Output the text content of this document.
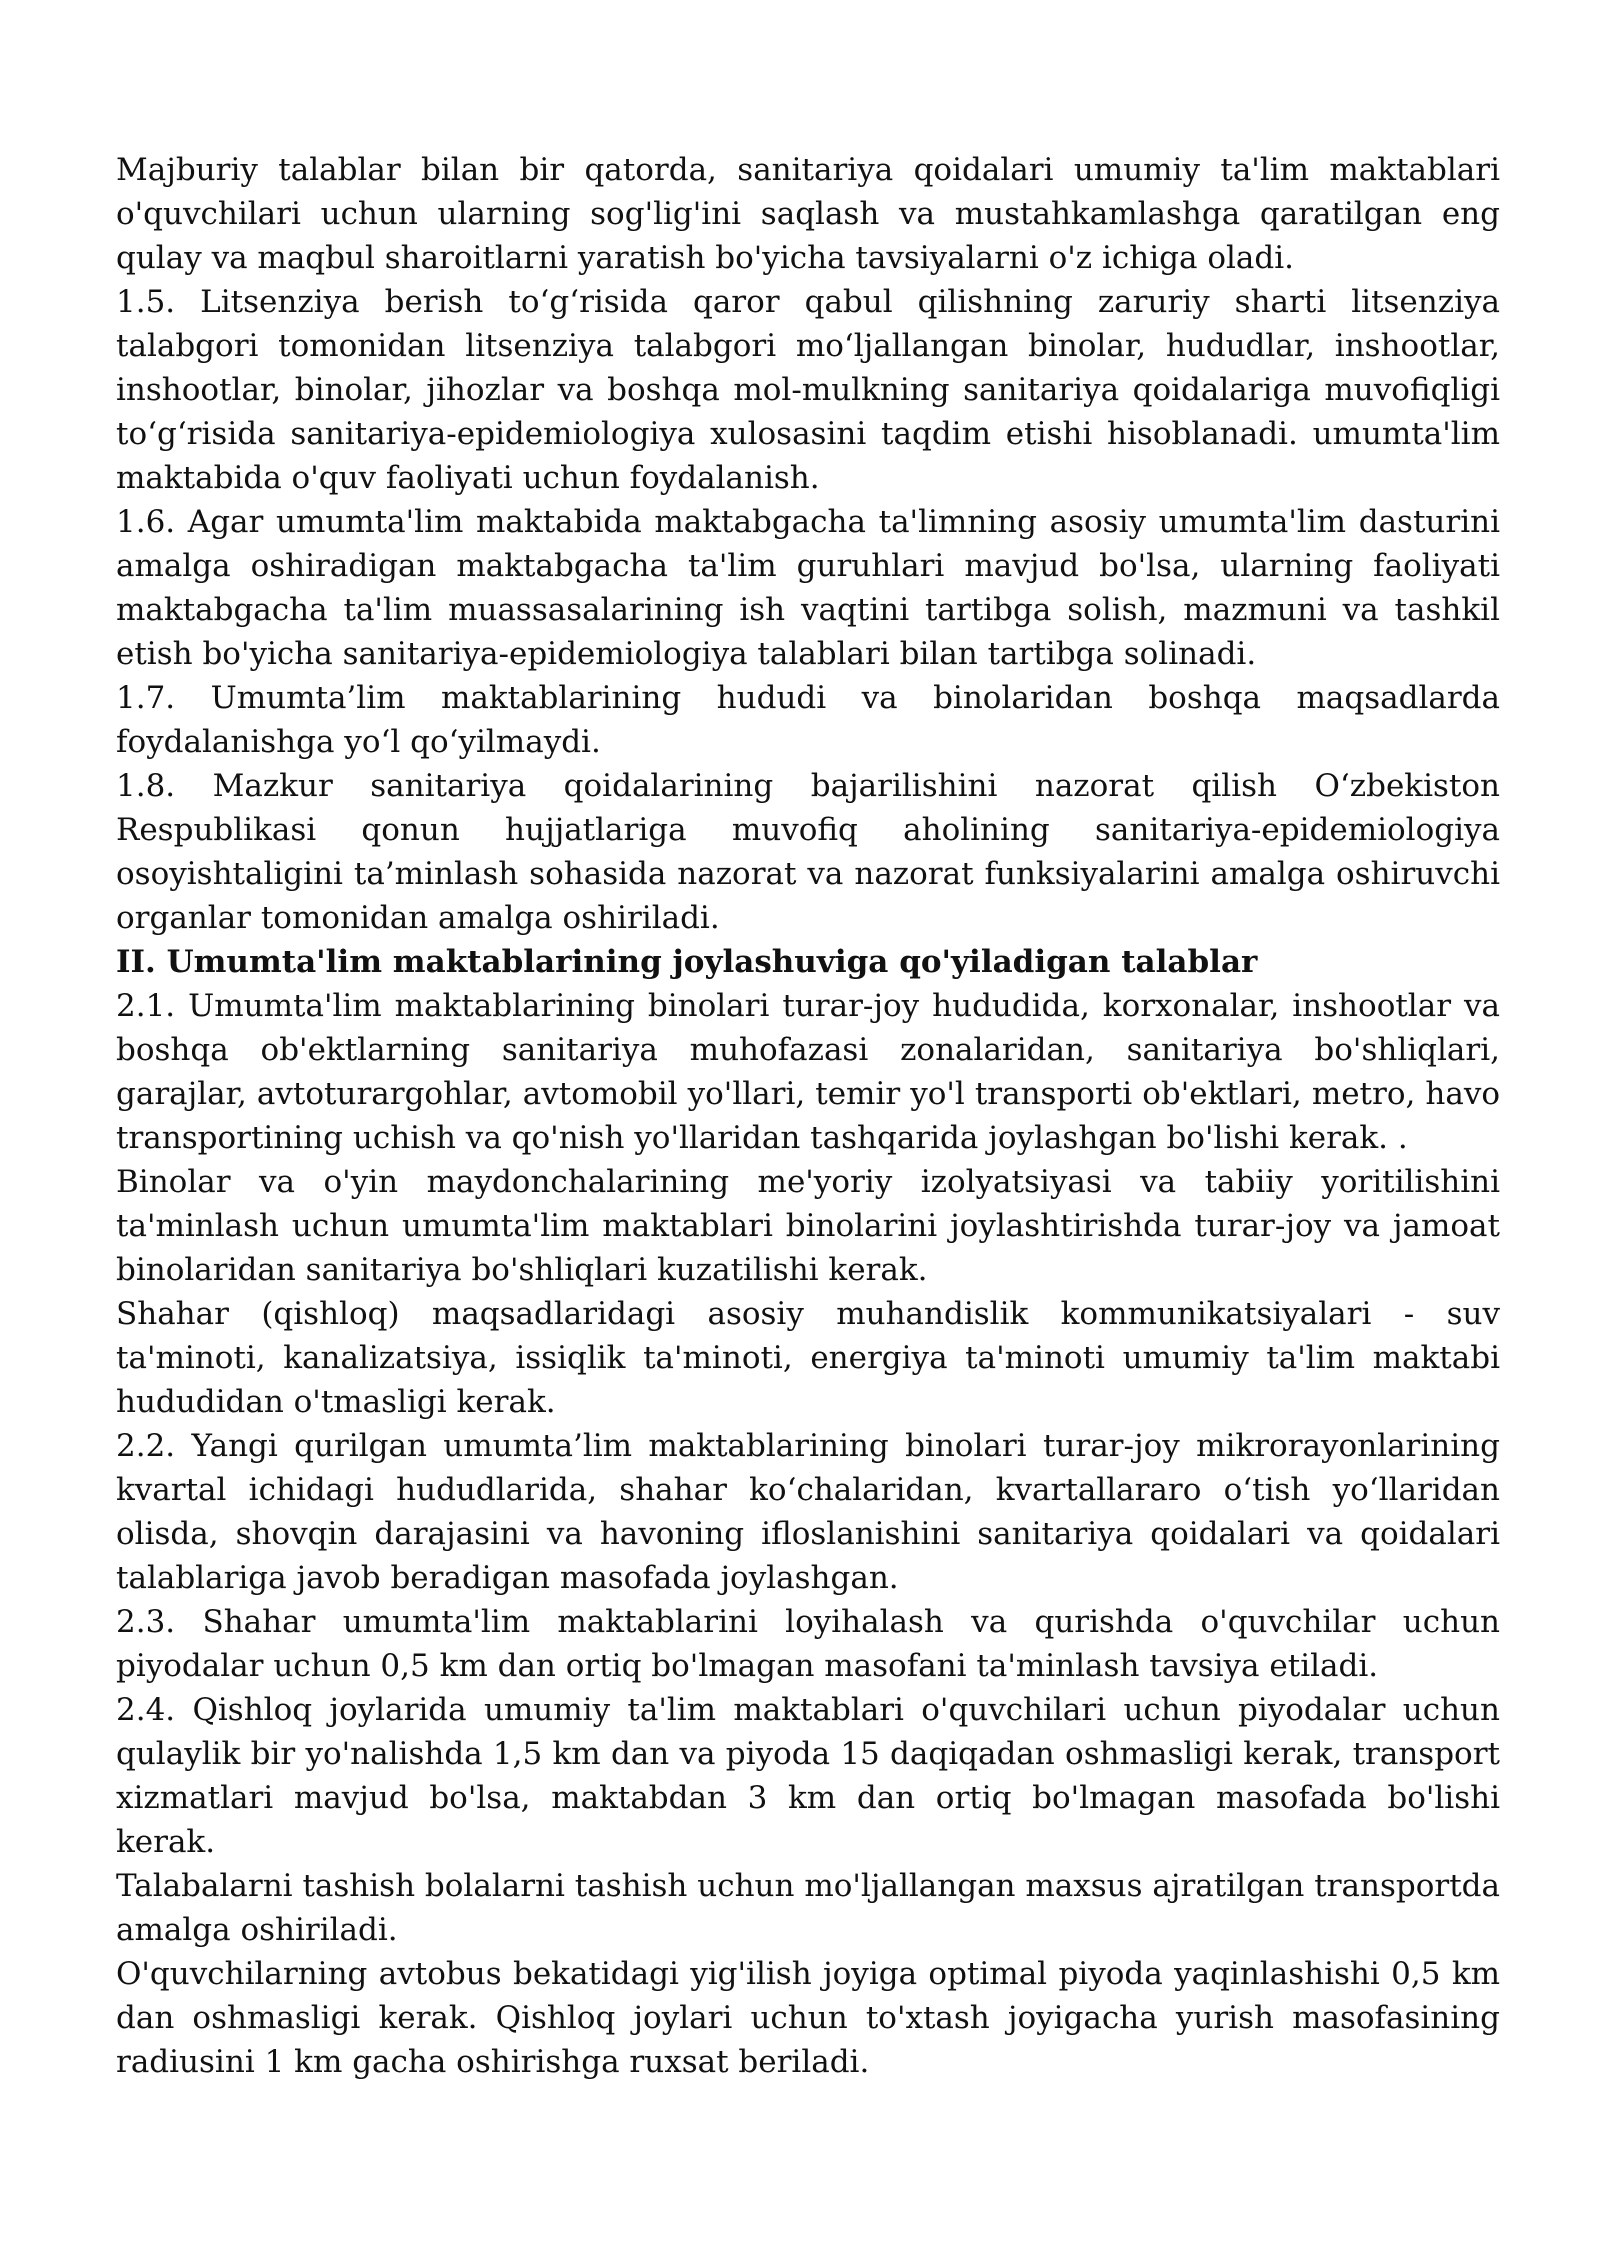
Majburiy talablar bilan bir qatorda, sanitariya qoidalari umumiy ta'lim maktablari o'quvchilari uchun ularning sog'lig'ini saqlash va mustahkamlashga qaratilgan eng qulay va maqbul sharoitlarni yaratish bo'yicha tavsiyalarni o'z ichiga oladi.

1.5. Litsenziya berish to‘g‘risida qaror qabul qilishning zaruriy sharti litsenziya talabgori tomonidan litsenziya talabgori mo‘ljallangan binolar, hududlar, inshootlar, inshootlar, binolar, jihozlar va boshqa mol-mulkning sanitariya qoidalariga muvofiqligi to‘g‘risida sanitariya-epidemiologiya xulosasini taqdim etishi hisoblanadi. umumta'lim maktabida o'quv faoliyati uchun foydalanish.

1.6. Agar umumta'lim maktabida maktabgacha ta'limning asosiy umumta'lim dasturini amalga oshiradigan maktabgacha ta'lim guruhlari mavjud bo'lsa, ularning faoliyati maktabgacha ta'lim muassasalarining ish vaqtini tartibga solish, mazmuni va tashkil etish bo'yicha sanitariya-epidemiologiya talablari bilan tartibga solinadi.

1.7. Umumta’lim maktablarining hududi va binolaridan boshqa maqsadlarda foydalanishga yo‘l qo‘yilmaydi.

1.8. Mazkur sanitariya qoidalarining bajarilishini nazorat qilish O‘zbekiston Respublikasi qonun hujjatlariga muvofiq aholining sanitariya-epidemiologiya osoyishtaligini ta’minlash sohasida nazorat va nazorat funksiyalarini amalga oshiruvchi organlar tomonidan amalga oshiriladi.

II. Umumta'lim maktablarining joylashuviga qo'yiladigan talablar

2.1. Umumta'lim maktablarining binolari turar-joy hududida, korxonalar, inshootlar va boshqa ob'ektlarning sanitariya muhofazasi zonalaridan, sanitariya bo'shliqlari, garajlar, avtoturargohlar, avtomobil yo'llari, temir yo'l transporti ob'ektlari, metro, havo transportining uchish va qo'nish yo'llaridan tashqarida joylashgan bo'lishi kerak. .

Binolar va o'yin maydonchalarining me'yoriy izolyatsiyasi va tabiiy yoritilishini ta'minlash uchun umumta'lim maktablari binolarini joylashtirishda turar-joy va jamoat binolaridan sanitariya bo'shliqlari kuzatilishi kerak.

Shahar (qishloq) maqsadlaridagi asosiy muhandislik kommunikatsiyalari - suv ta'minoti, kanalizatsiya, issiqlik ta'minoti, energiya ta'minoti umumiy ta'lim maktabi hududidan o'tmasligi kerak.

2.2. Yangi qurilgan umumta’lim maktablarining binolari turar-joy mikrorayonlarining kvartal ichidagi hududlarida, shahar ko‘chalaridan, kvartallararo o‘tish yo‘llaridan olisda, shovqin darajasini va havoning ifloslanishini sanitariya qoidalari va qoidalari talablariga javob beradigan masofada joylashgan.

2.3. Shahar umumta'lim maktablarini loyihalash va qurishda o'quvchilar uchun piyodalar uchun 0,5 km dan ortiq bo'lmagan masofani ta'minlash tavsiya etiladi.

2.4. Qishloq joylarida umumiy ta'lim maktablari o'quvchilari uchun piyodalar uchun qulaylik bir yo'nalishda 1,5 km dan va piyoda 15 daqiqadan oshmasligi kerak, transport xizmatlari mavjud bo'lsa, maktabdan 3 km dan ortiq bo'lmagan masofada bo'lishi kerak.

Talabalarni tashish bolalarni tashish uchun mo'ljallangan maxsus ajratilgan transportda amalga oshiriladi.

O'quvchilarning avtobus bekatidagi yig'ilish joyiga optimal piyoda yaqinlashishi 0,5 km dan oshmasligi kerak. Qishloq joylari uchun to'xtash joyigacha yurish masofasining radiusini 1 km gacha oshirishga ruxsat beriladi.
